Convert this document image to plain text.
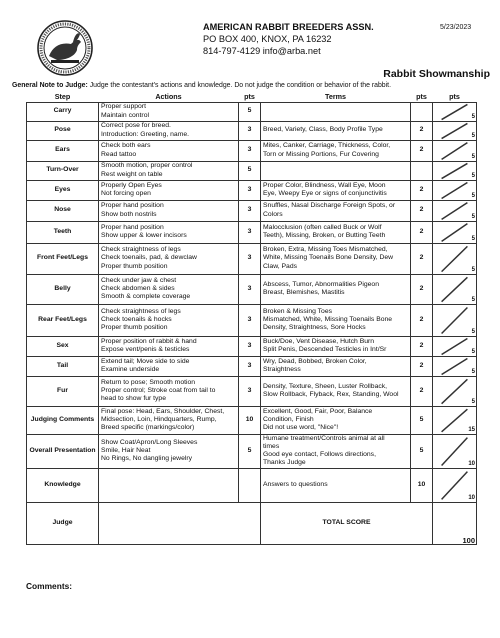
AMERICAN RABBIT BREEDERS ASSN.
PO BOX 400, KNOX, PA 16232
814-797-4129 info@arba.net
5/23/2023
Rabbit Showmanship
General Note to Judge: Judge the contestant's actions and knowledge. Do not judge the condition or behavior of the rabbit.
Step	Actions	pts	Terms	pts	pts
Carry	Proper support
Maintain control	5			5

Pose	Correct pose for breed.
Introduction: Greeting, name.	3	Breed, Variety, Class, Body Profile Type	2	5

Ears	Check both ears
Read tattoo	3	Mites, Canker, Carriage, Thickness, Color,
Torn or Missing Portions, Fur Covering	2	5

Turn-Over	Smooth motion, proper control
Rest weight on table	5			5

Eyes	Properly Open Eyes
Not forcing open	3	Proper Color, Blindness, Wall Eye, Moon
Eye, Weepy Eye or signs of conjunctivitis	2	5

Nose	Proper hand position
Show both nostrils	3	Snuffles, Nasal Discharge Foreign Spots, or
Colors	2	5

Teeth	Proper hand position
Show upper & lower incisors	3	Malocclusion (often called Buck or Wolf
Teeth), Missing, Broken, or Butting Teeth	2	5

Front Feet/Legs	Check straightness of legs
Check toenails, pad, & dewclaw
Proper thumb position	3	Broken, Extra, Missing Toes Mismatched,
White, Missing Toenails Bone Density, Dew
Claw, Pads	2	5

Belly	Check under jaw & chest
Check abdomen & sides
Smooth & complete coverage	3	Abscess, Tumor, Abnormalities Pigeon
Breast, Blemishes, Mastitis	2	5

Rear Feet/Legs	Check straightness of legs
Check toenails & hocks
Proper thumb position	3	Broken & Missing Toes
Mismatched, White, Missing Toenails Bone
Density, Straightness, Sore Hocks	2	5

Sex	Proper position of rabbit & hand
Expose vent/penis & testicles	3	Buck/Doe, Vent Disease, Hutch Burn
Split Penis, Descended Testicles in Int/Sr	2	5

Tail	Extend tail; Move side to side
Examine underside	3	Wry, Dead, Bobbed, Broken Color,
Straightness	2	5

Fur	Return to pose; Smooth motion
Proper control; Stroke coat from tail to
head to show fur type	3	Density, Texture, Sheen, Luster Rollback,
Slow Rollback, Flyback, Rex, Standing, Wool	2	5

Judging Comments	Final pose: Head, Ears, Shoulder, Chest,
Midsection, Loin, Hindquarters, Rump,
Breed specific (markings/color)	10	Excellent, Good, Fair, Poor, Balance
Condition, Finish
Did not use word, "Nice"!	5	15

Overall Presentation	Show Coat/Apron/Long Sleeves
Smile, Hair Neat
No Rings, No dangling jewelry	5	Humane treatment/Controls animal at all
times
Good eye contact, Follows directions,
Thanks Judge	5	10

Knowledge			Answers to questions	10	10

Judge			TOTAL SCORE		100
Comments:
